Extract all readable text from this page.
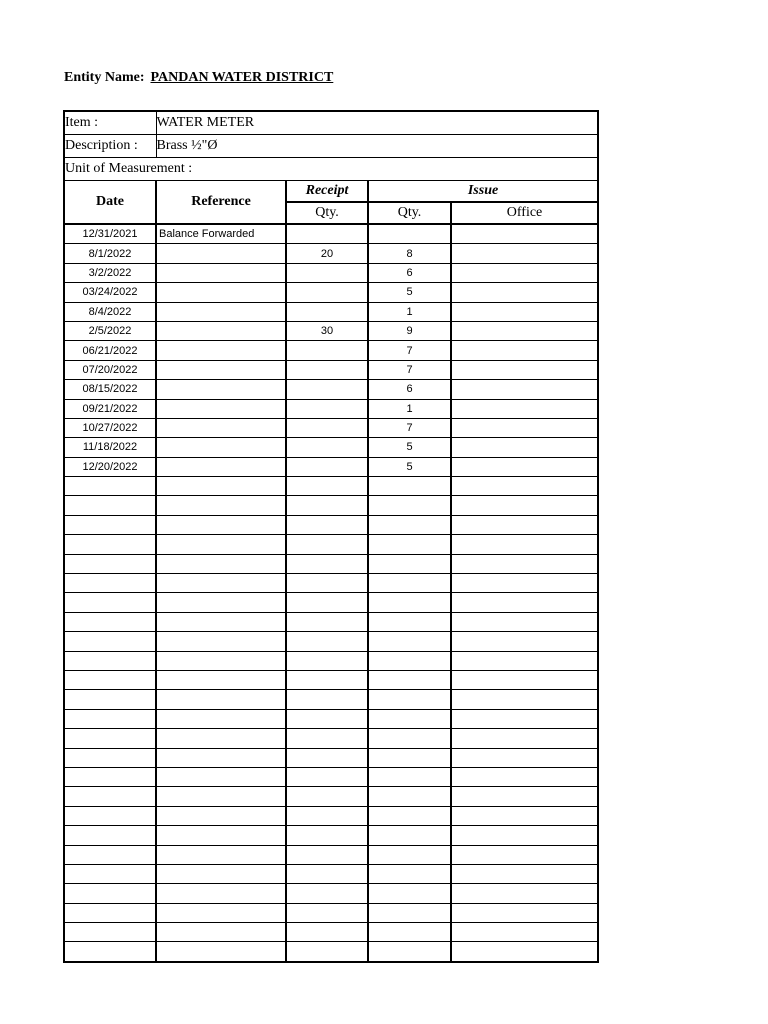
Entity Name: PANDAN WATER DISTRICT
Item :	WATER METER			
Description :	Brass ½"Ø			
Unit of Measurement :				
Date	Reference	Receipt	Issue	
		Qty.	Qty.	Office
12/31/2021	Balance Forwarded			
8/1/2022		20	8	
3/2/2022			6	
03/24/2022			5	
8/4/2022			1	
2/5/2022		30	9	
06/21/2022			7	
07/20/2022			7	
08/15/2022			6	
09/21/2022			1	
10/27/2022			7	
11/18/2022			5	
12/20/2022			5	
